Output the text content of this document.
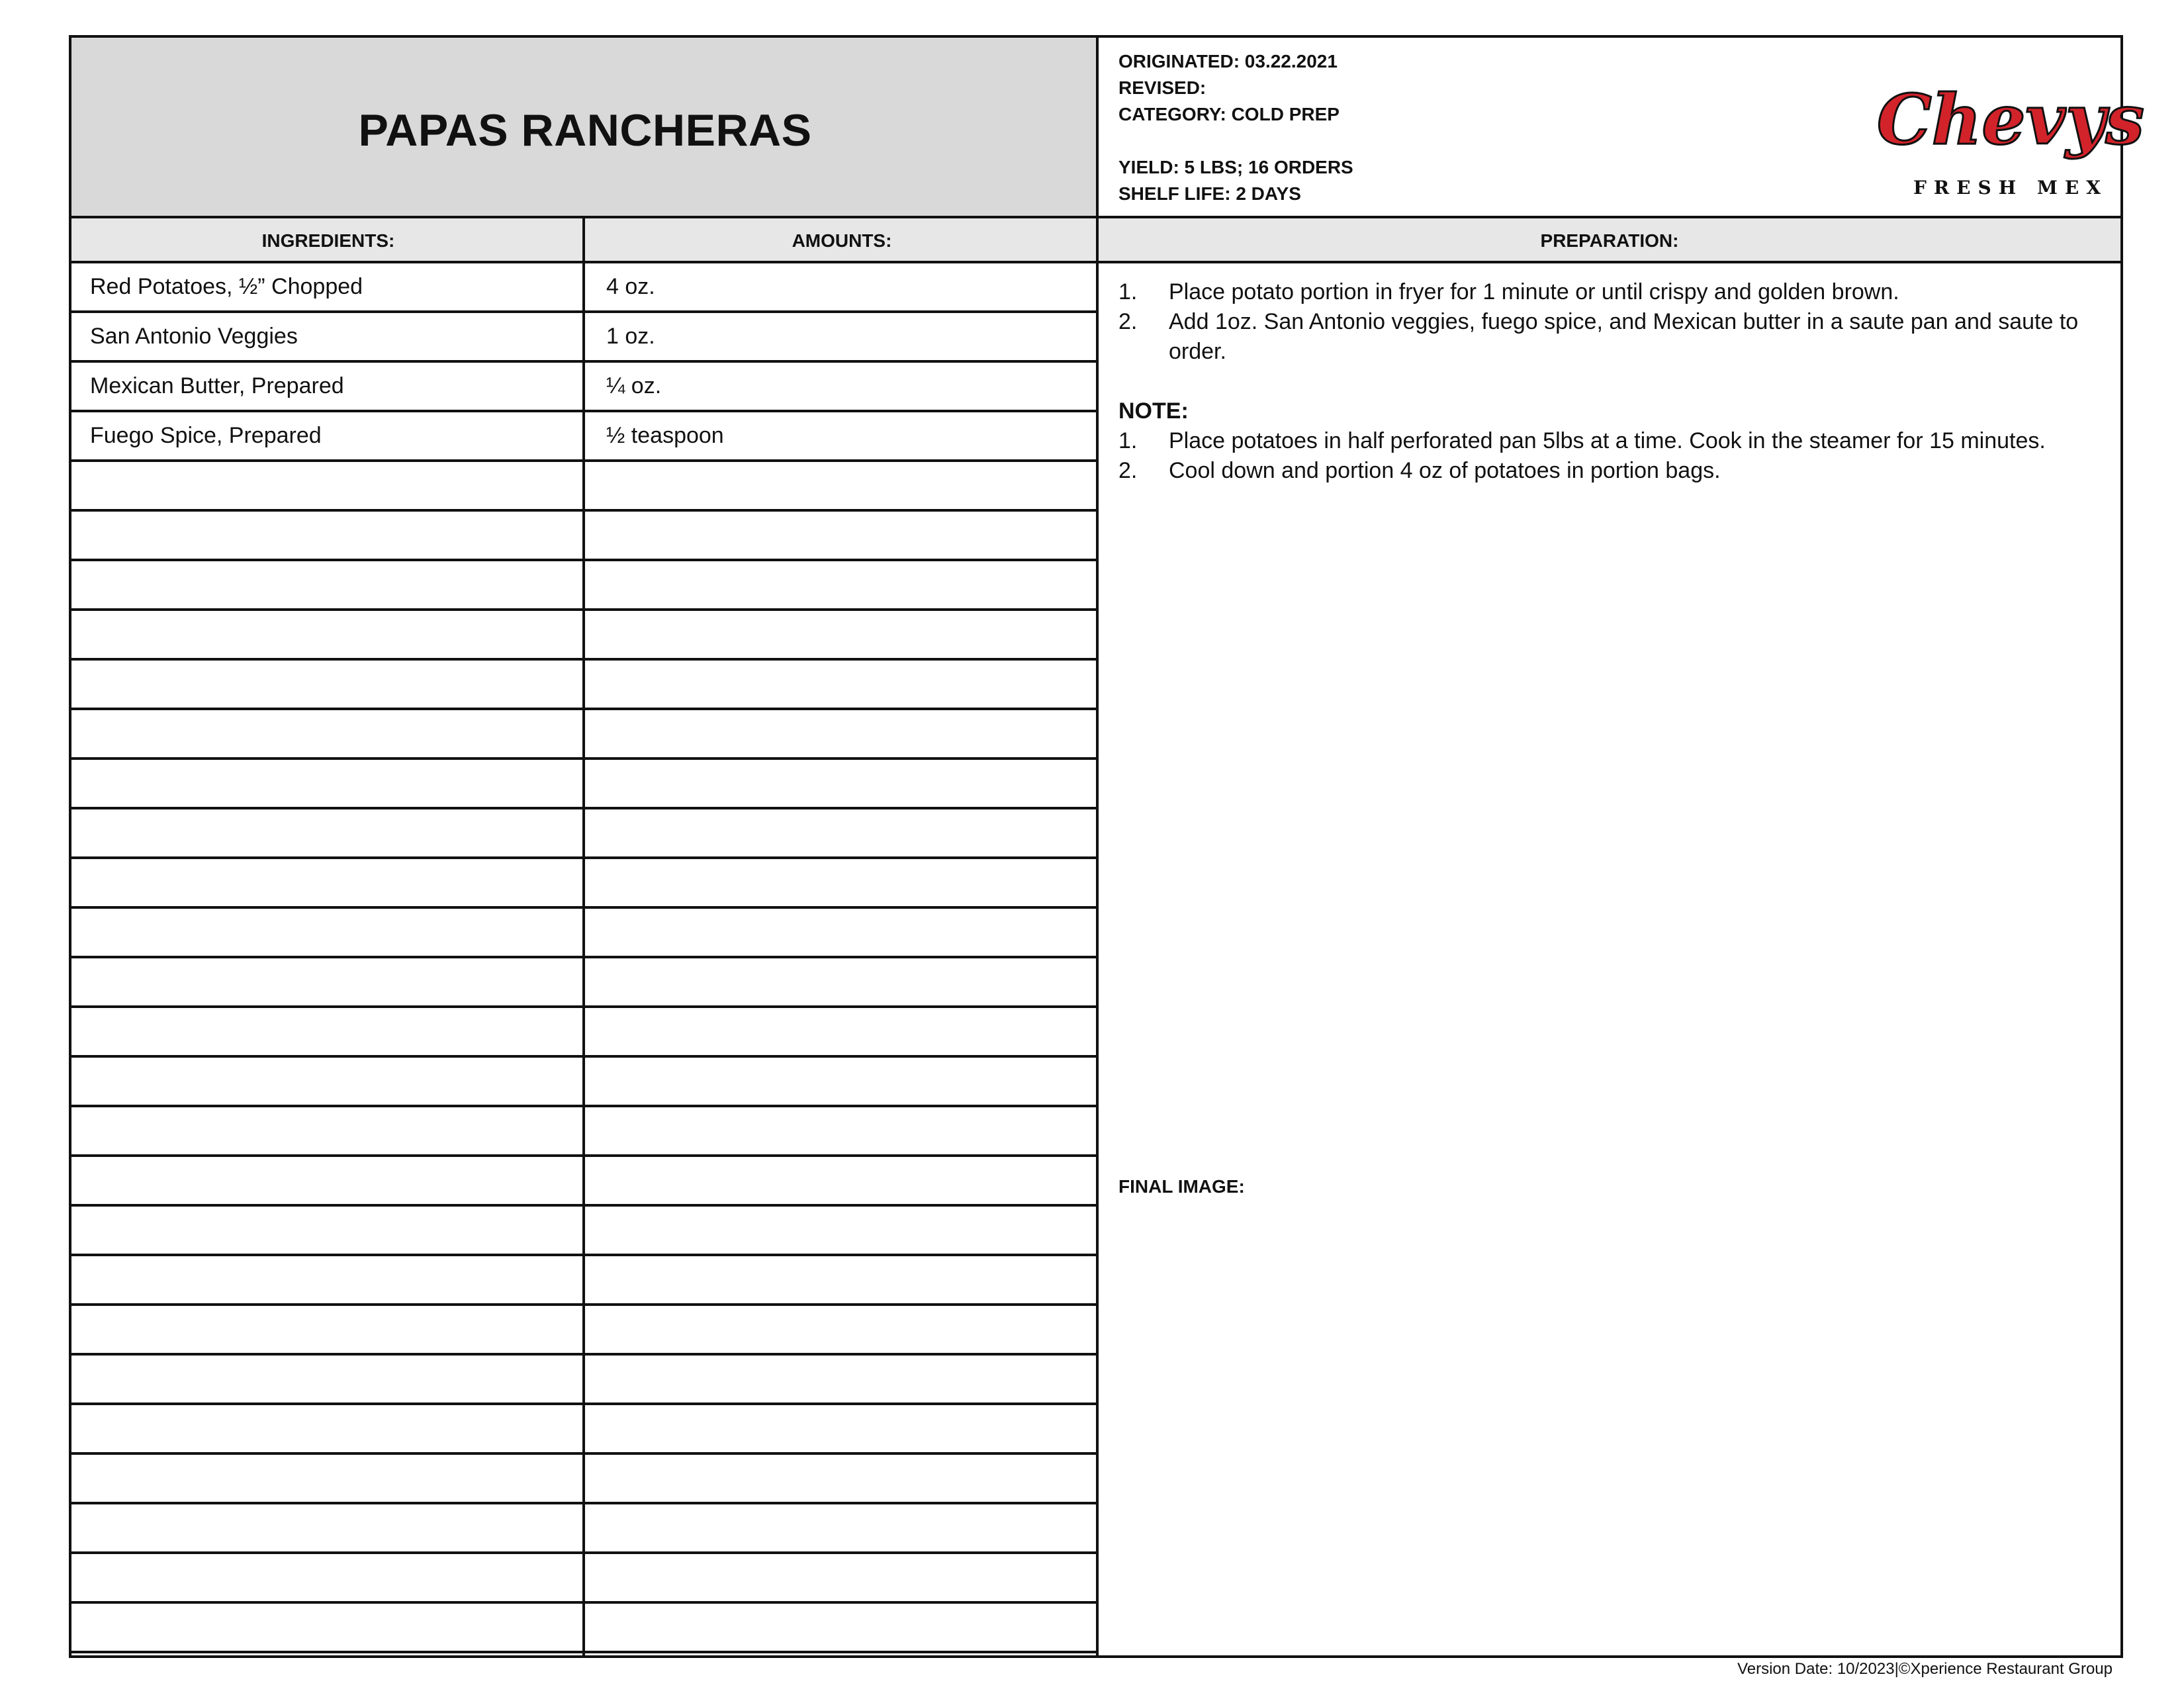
PAPAS RANCHERAS
ORIGINATED: 03.22.2021
REVISED:
CATEGORY: COLD PREP
YIELD: 5 LBS; 16 ORDERS
SHELF LIFE: 2 DAYS
Chevys
FRESH MEX
INGREDIENTS:	AMOUNTS:	PREPARATION:
Red Potatoes, ½” Chopped	4 oz.
San Antonio Veggies	1 oz.
Mexican Butter, Prepared	¼ oz.
Fuego Spice, Prepared	½ teaspoon
1. Place potato portion in fryer for 1 minute or until crispy and golden brown.
2. Add 1oz. San Antonio veggies, fuego spice, and Mexican butter in a saute pan and saute to order.
NOTE:
1. Place potatoes in half perforated pan 5lbs at a time. Cook in the steamer for 15 minutes.
2. Cool down and portion 4 oz of potatoes in portion bags.
FINAL IMAGE:
Version Date: 10/2023|©Xperience Restaurant Group
